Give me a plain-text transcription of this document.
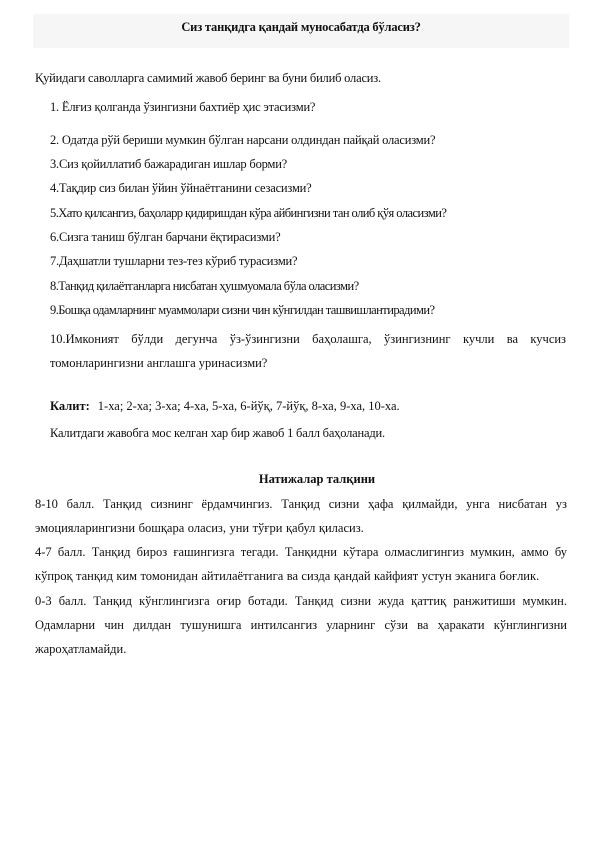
Сиз танқидга қандай муносабатда бўласиз?
Қуйидаги саволларга самимий жавоб беринг ва буни билиб оласиз.
1. Ёлғиз қолганда ўзингизни бахтиёр ҳис этасизми?
2. Одатда рўй бериши мумкин бўлган нарсани олдиндан пайқай оласизми?
3.Сиз қойиллатиб бажарадиган ишлар борми?
4.Тақдир сиз билан ўйин ўйнаётганини сезасизми?
5.Хато қилсангиз, баҳоларр қидиришдан кўра айбингизни тан олиб қўя оласизми?
6.Сизга таниш бўлган барчани ёқтирасизми?
7.Даҳшатли тушларни тез-тез кўриб турасизми?
8.Танқид қилаётганларга нисбатан ҳушмуомала бўла оласизми?
9.Бошқа одамларнинг муаммолари сизни чин кўнгилдан ташвишлантирадими?
10.Имконият бўлди дегунча ўз-ўзингизни баҳолашга, ўзингизнинг кучли ва кучсиз томонларингизни англашга уринасизми?
Калит: 1-ха; 2-ха; 3-ха; 4-ха, 5-ха, 6-йўқ, 7-йўқ, 8-ха, 9-ха, 10-ха.
Калитдаги жавобга мос келган хар бир жавоб 1 балл баҳоланади.
Натижалар талқини
8-10 балл. Танқид сизнинг ёрдамчингиз. Танқид сизни ҳафа қилмайди, унга нисбатан уз эмоцияларингизни бошқара оласиз, уни тўғри қабул қиласиз.
4-7 балл. Танқид бироз ғашингизга тегади. Танқидни кўтара олмаслигингиз мумкин, аммо бу кўпроқ танқид ким томонидан айтилаётганига ва сизда қандай кайфият устун эканига боғлик.
0-3 балл. Танқид кўнглингизга оғир ботади. Танқид сизни жуда қаттиқ ранжитиши мумкин. Одамларни чин дилдан тушунишга интилсангиз уларнинг сўзи ва ҳаракати кўнглингизни жароҳатламайди.
